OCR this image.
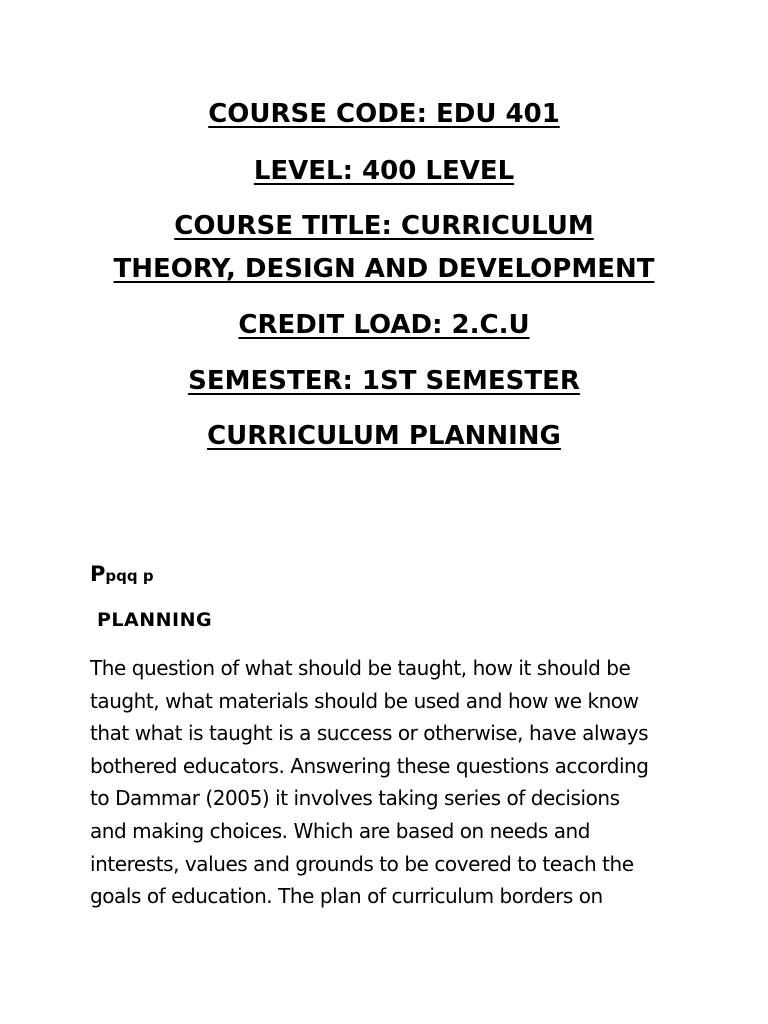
COURSE CODE: EDU 401
LEVEL: 400 LEVEL
COURSE TITLE: CURRICULUM
THEORY, DESIGN AND DEVELOPMENT
CREDIT LOAD: 2.C.U
SEMESTER: 1ST SEMESTER
CURRICULUM PLANNING
Ppqq p
PLANNING
The question of what should be taught, how it should be
taught, what materials should be used and how we know
that what is taught is a success or otherwise, have always
bothered educators. Answering these questions according
to Dammar (2005) it involves taking series of decisions
and making choices. Which are based on needs and
interests, values and grounds to be covered to teach the
goals of education. The plan of curriculum borders on
